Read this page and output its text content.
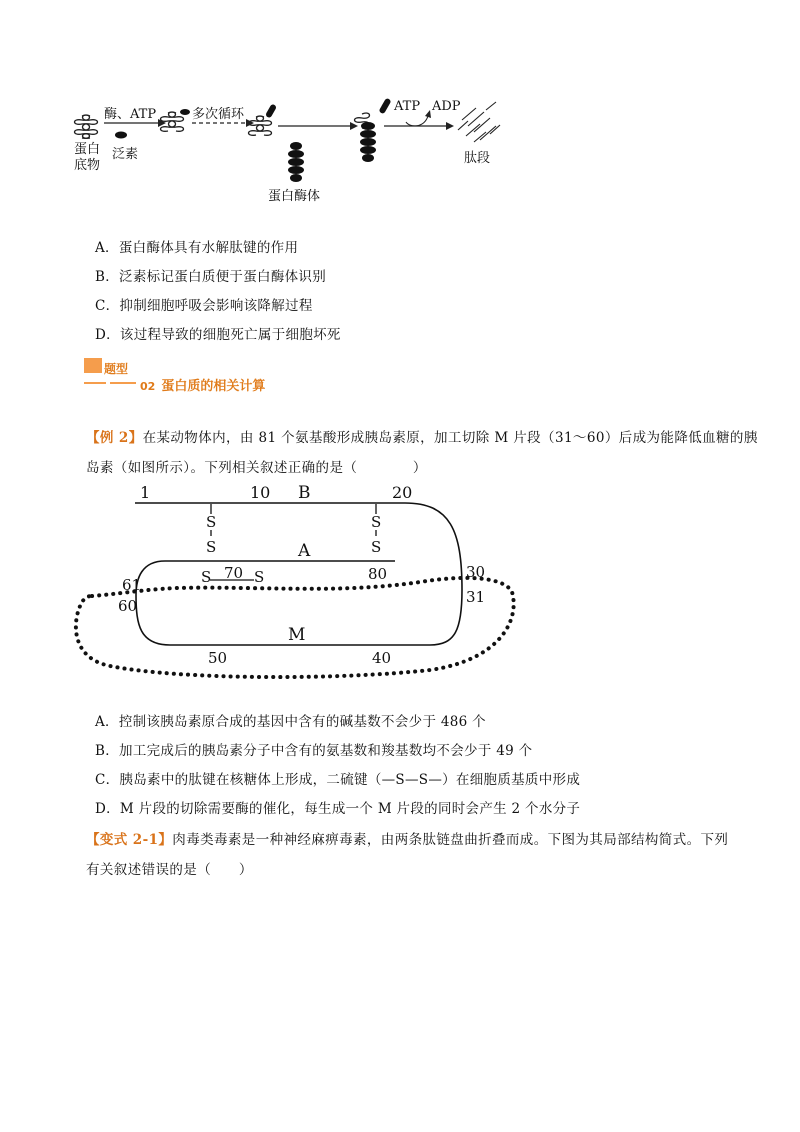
蛋白
底物
酶、ATP
泛素
多次循环
蛋白酶体
ATP ADP
肽段
A．蛋白酶体具有水解肽键的作用
B．泛素标记蛋白质便于蛋白酶体识别
C．抑制细胞呼吸会影响该降解过程
D．该过程导致的细胞死亡属于细胞坏死
题型
02 蛋白质的相关计算
【例 2】在某动物体内，由 81 个氨基酸形成胰岛素原，加工切除 M 片段（31～60）后成为能降低血糖的胰
岛素（如图所示）。下列相关叙述正确的是（　　　　）
1	10 B	20
S
S
S
S
A
S	S
70	80
M
50	40
61
60
30
31
A．控制该胰岛素原合成的基因中含有的碱基数不会少于 486 个
B．加工完成后的胰岛素分子中含有的氨基数和羧基数均不会少于 49 个
C．胰岛素中的肽键在核糖体上形成，二硫键（—S—S—）在细胞质基质中形成
D．M 片段的切除需要酶的催化，每生成一个 M 片段的同时会产生 2 个水分子
【变式 2-1】肉毒类毒素是一种神经麻痹毒素，由两条肽链盘曲折叠而成。下图为其局部结构简式。下列
有关叙述错误的是（　　）
